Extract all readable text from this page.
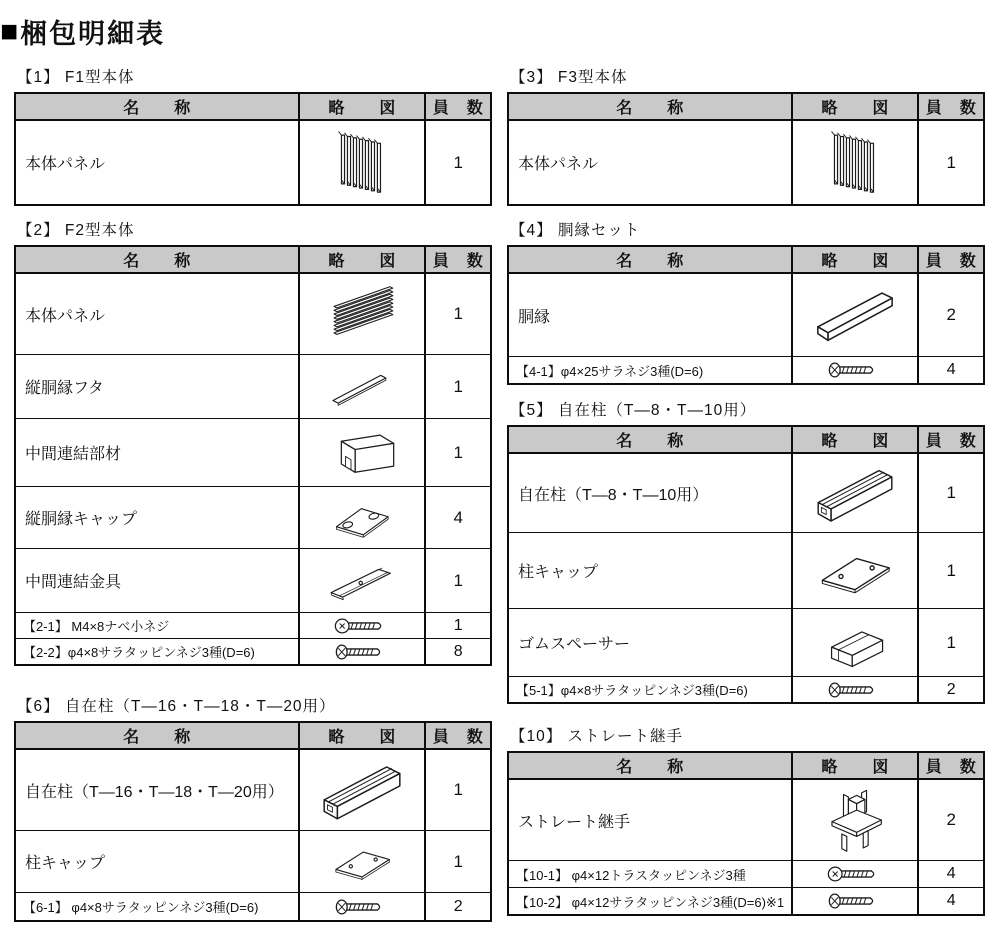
■ 梱包明細表
【1】 F1型本体
名　　称	略　　図	員　数
本体パネル	1
【2】 F2型本体
名　　称	略　　図	員　数
本体パネル	1
縦胴縁フタ	1
中間連結部材	1
縦胴縁キャップ	4
中間連結金具	1
【2-1】 M4×8ナベ小ネジ	1
【2-2】φ4×8サラタッピンネジ3種(D=6)	8
【6】 自在柱（T—16・T—18・T—20用）
名　　称	略　　図	員　数
自在柱（T—16・T—18・T—20用）	1
柱キャップ	1
【6-1】 φ4×8サラタッピンネジ3種(D=6)	2
【3】 F3型本体
名　　称	略　　図	員　数
本体パネル	1
【4】 胴縁セット
名　　称	略　　図	員　数
胴縁	2
【4-1】φ4×25サラネジ3種(D=6)	4
【5】 自在柱（T—8・T—10用）
名　　称	略　　図	員　数
自在柱（T—8・T—10用）	1
柱キャップ	1
ゴムスペーサー	1
【5-1】φ4×8サラタッピンネジ3種(D=6)	2
【10】 ストレート継手
名　　称	略　　図	員　数
ストレート継手	2
【10-1】 φ4×12トラスタッピンネジ3種	4
【10-2】 φ4×12サラタッピンネジ3種(D=6)※1	4
